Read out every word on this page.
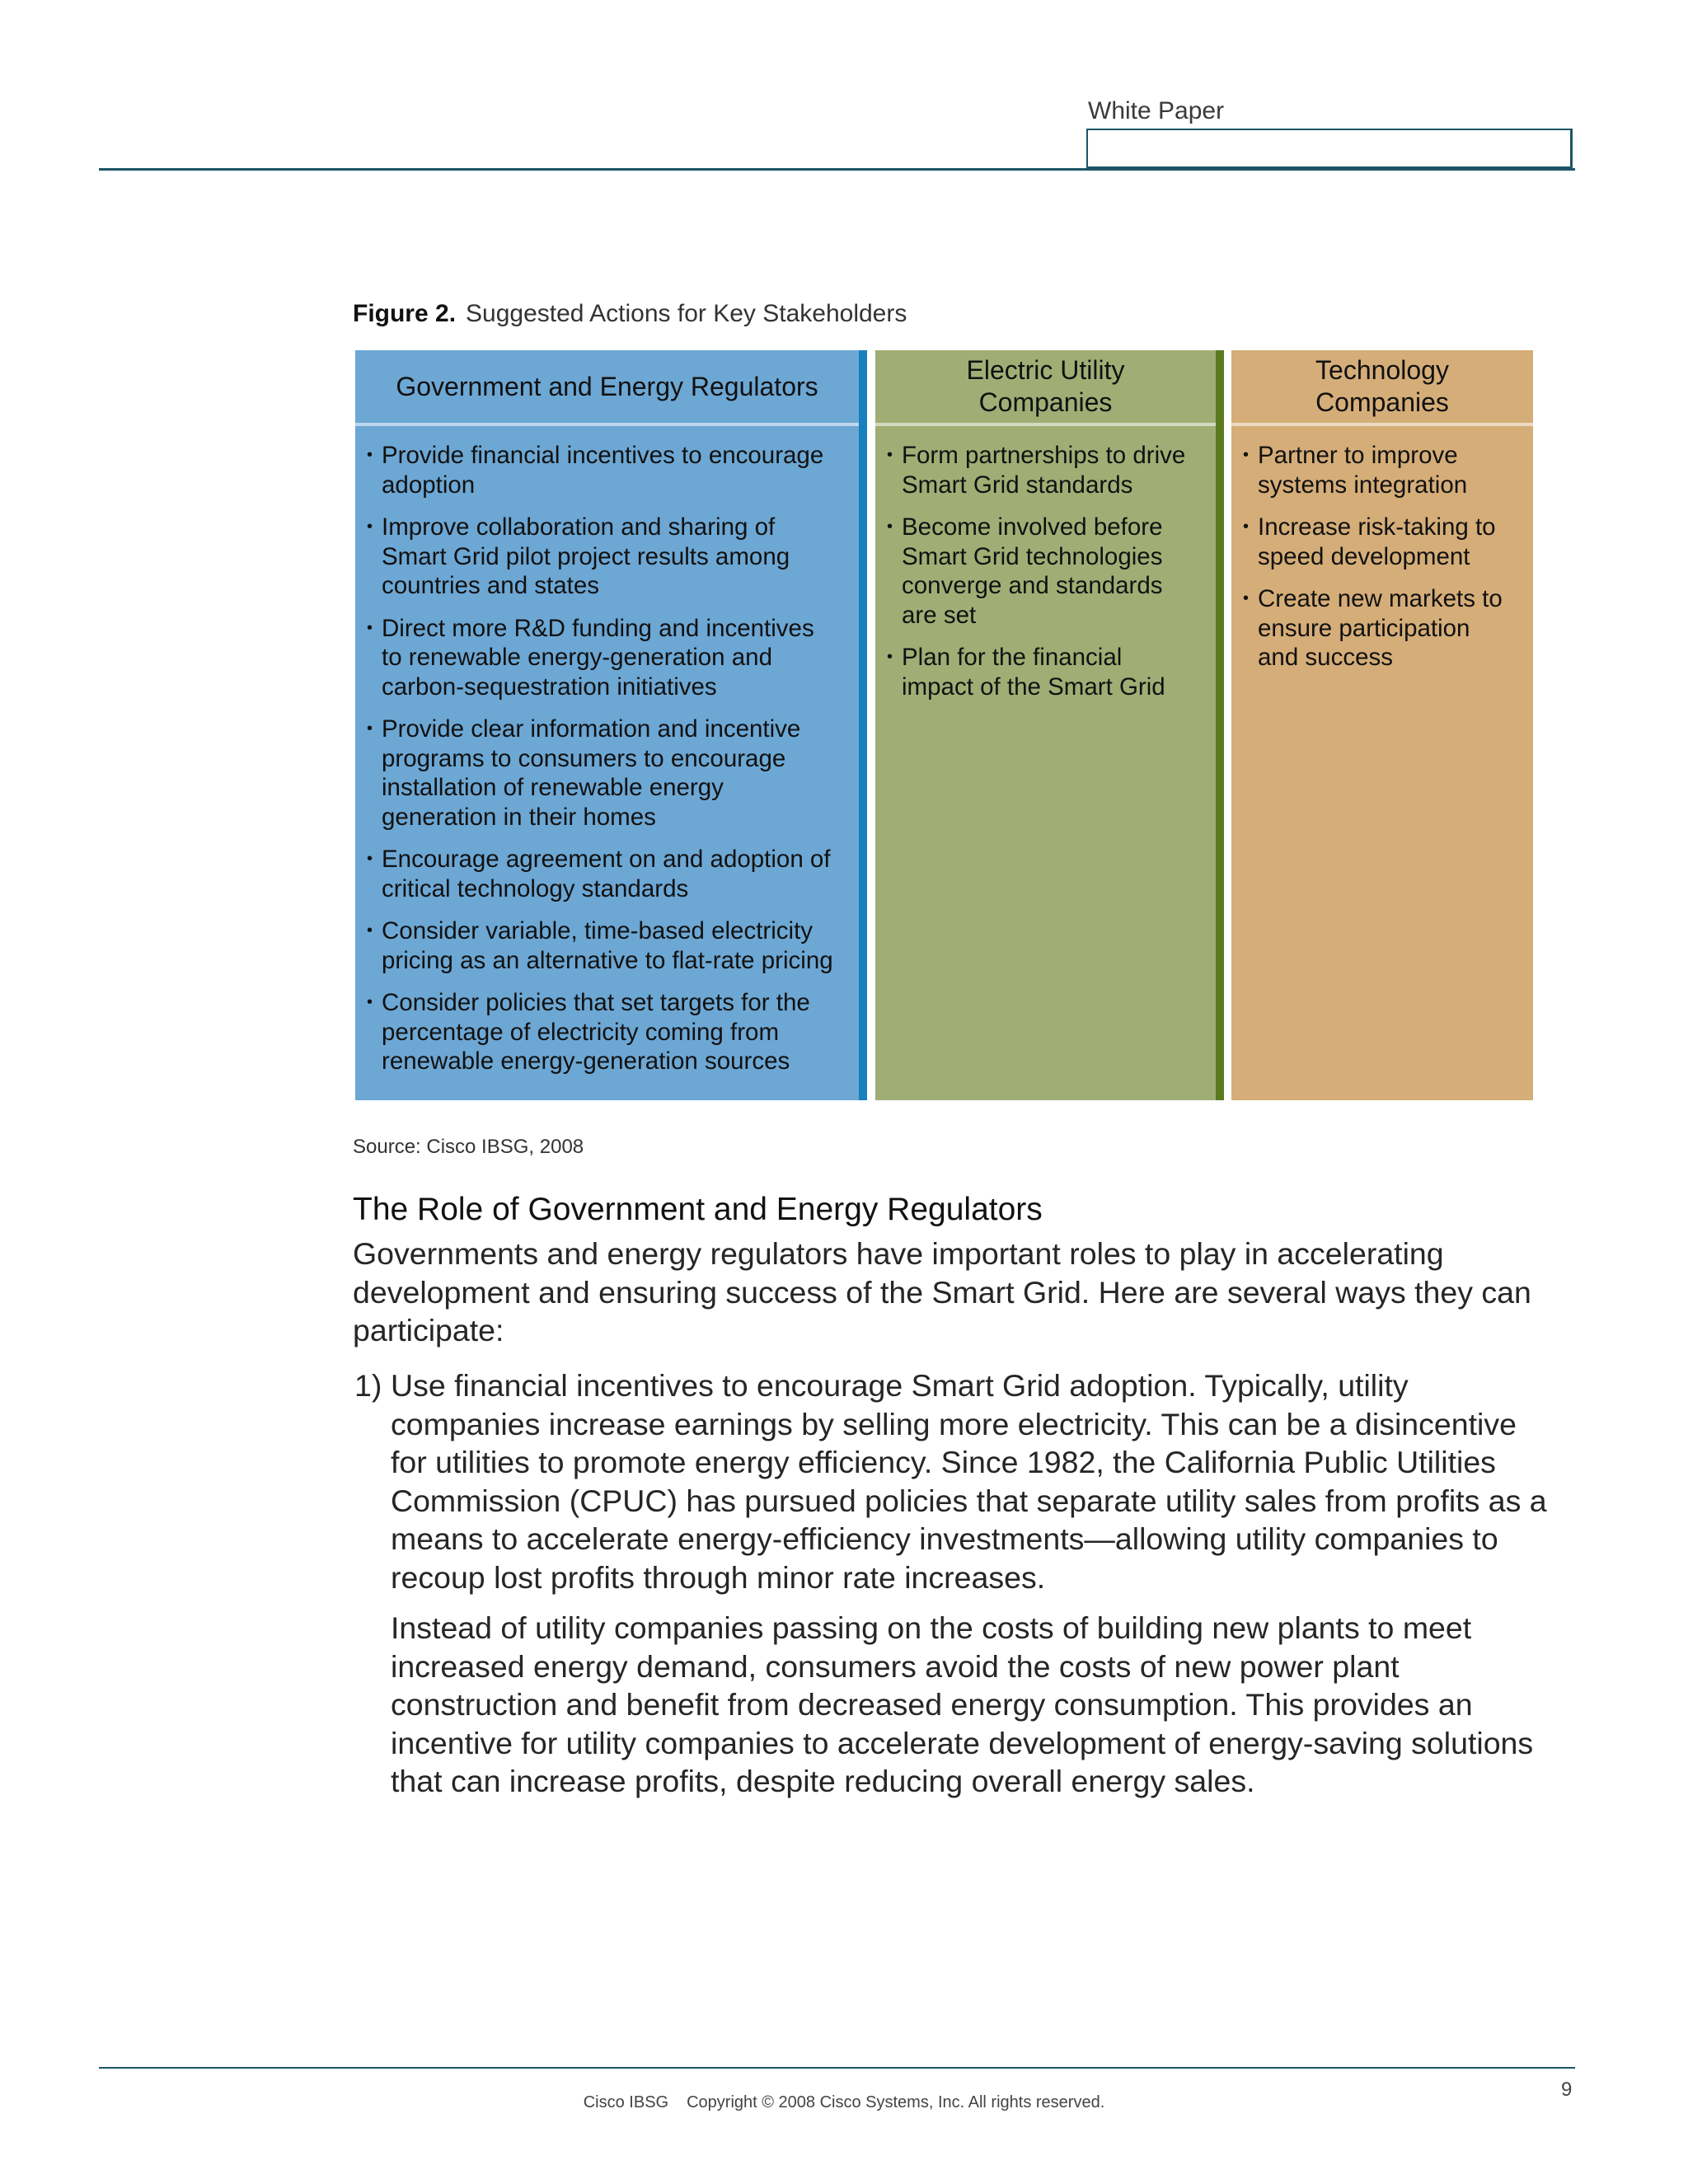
White Paper
Figure 2. Suggested Actions for Key Stakeholders
Government and Energy Regulators
• Provide financial incentives to encourage adoption
• Improve collaboration and sharing of Smart Grid pilot project results among countries and states
• Direct more R&D funding and incentives to renewable energy-generation and carbon-sequestration initiatives
• Provide clear information and incentive programs to consumers to encourage installation of renewable energy generation in their homes
• Encourage agreement on and adoption of critical technology standards
• Consider variable, time-based electricity pricing as an alternative to flat-rate pricing
• Consider policies that set targets for the percentage of electricity coming from renewable energy-generation sources
Electric Utility Companies
• Form partnerships to drive Smart Grid standards
• Become involved before Smart Grid technologies converge and standards are set
• Plan for the financial impact of the Smart Grid
Technology Companies
• Partner to improve systems integration
• Increase risk-taking to speed development
• Create new markets to ensure participation and success
Source: Cisco IBSG, 2008
The Role of Government and Energy Regulators

Governments and energy regulators have important roles to play in accelerating development and ensuring success of the Smart Grid. Here are several ways they can participate:

1) Use financial incentives to encourage Smart Grid adoption. Typically, utility companies increase earnings by selling more electricity. This can be a disincentive for utilities to promote energy efficiency. Since 1982, the California Public Utilities Commission (CPUC) has pursued policies that separate utility sales from profits as a means to accelerate energy-efficiency investments—allowing utility companies to recoup lost profits through minor rate increases.

Instead of utility companies passing on the costs of building new plants to meet increased energy demand, consumers avoid the costs of new power plant construction and benefit from decreased energy consumption. This provides an incentive for utility companies to accelerate development of energy-saving solutions that can increase profits, despite reducing overall energy sales.

Cisco IBSG Copyright © 2008 Cisco Systems, Inc. All rights reserved.
9
